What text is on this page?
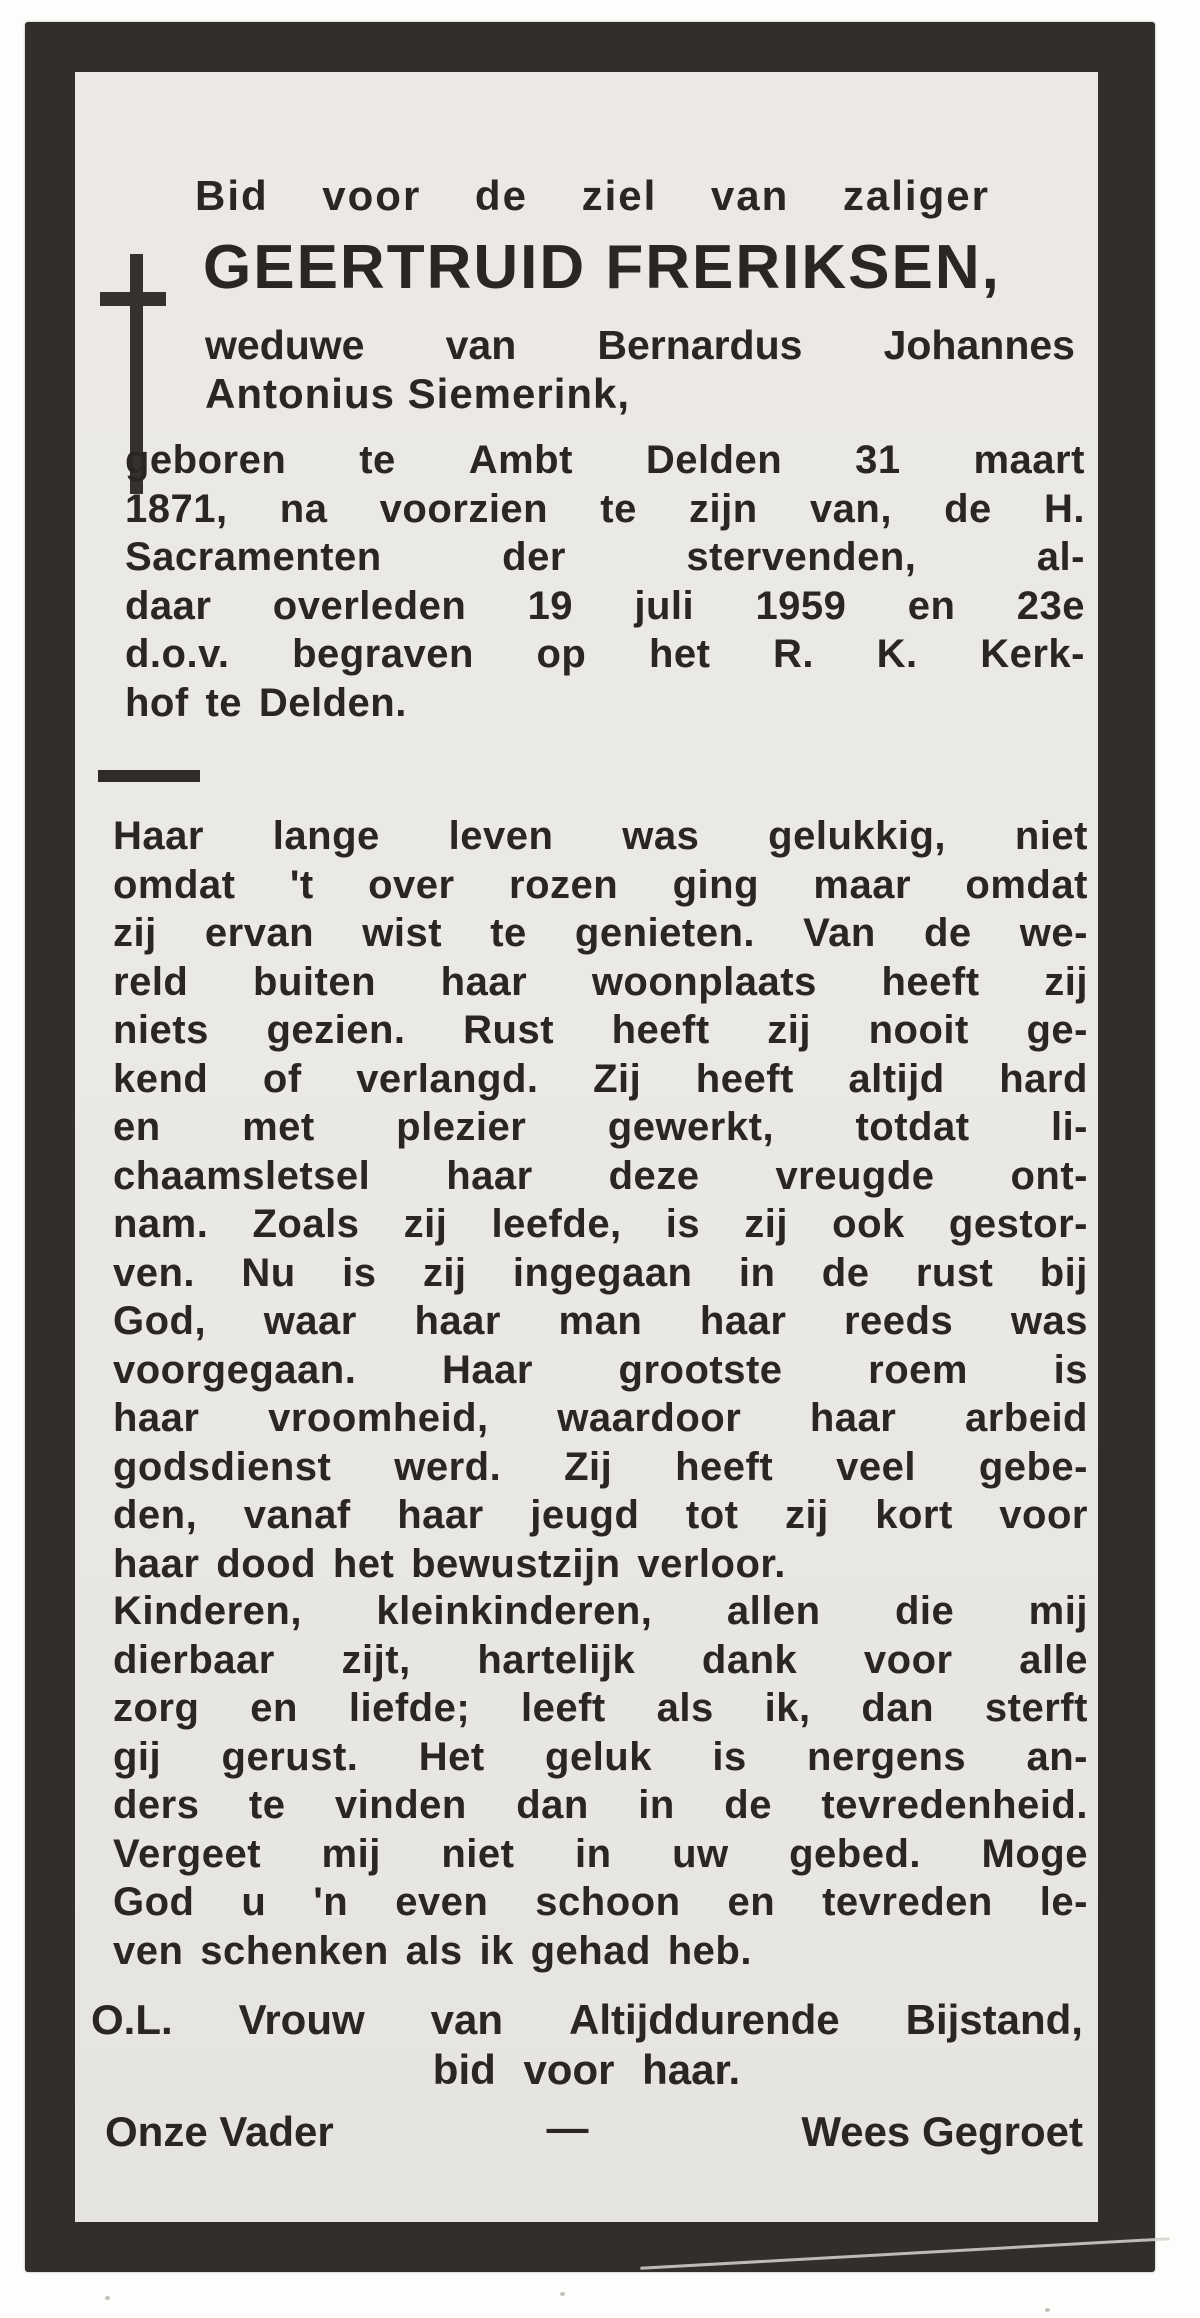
Bid voor de ziel van zaliger
GEERTRUID FRERIKSEN,
weduwe van Bernardus Johannes
Antonius Siemerink,
geboren te Ambt Delden 31 maart
1871, na voorzien te zijn van, de H.
Sacramenten	der	stervenden,	al-
daar overleden 19 juli 1959 en 23e
d.o.v. begraven op het R. K. Kerk-
hof te Delden.
Haar lange leven was gelukkig, niet
omdat 't over rozen ging maar omdat
zij ervan wist te genieten. Van de we-
reld buiten haar woonplaats heeft zij
niets gezien. Rust heeft zij nooit ge-
kend of verlangd. Zij heeft altijd hard
en met plezier gewerkt, totdat li-
chaamsletsel haar deze vreugde ont-
nam. Zoals zij leefde, is zij ook gestor-
ven. Nu is zij ingegaan in de rust bij
God, waar haar man haar reeds was
voorgegaan. Haar grootste roem is
haar vroomheid, waardoor haar arbeid
godsdienst werd. Zij heeft veel gebe-
den, vanaf haar jeugd tot zij kort voor
haar dood het bewustzijn verloor.
Kinderen, kleinkinderen, allen die mij
dierbaar zijt, hartelijk dank voor alle
zorg en liefde; leeft als ik, dan sterft
gij gerust. Het geluk is nergens an-
ders te vinden dan in de tevredenheid.
Vergeet mij niet in uw gebed. Moge
God u 'n even schoon en tevreden le-
ven schenken als ik gehad heb.
O.L. Vrouw van Altijddurende Bijstand,
bid voor haar.
Onze Vader	—	Wees Gegroet
